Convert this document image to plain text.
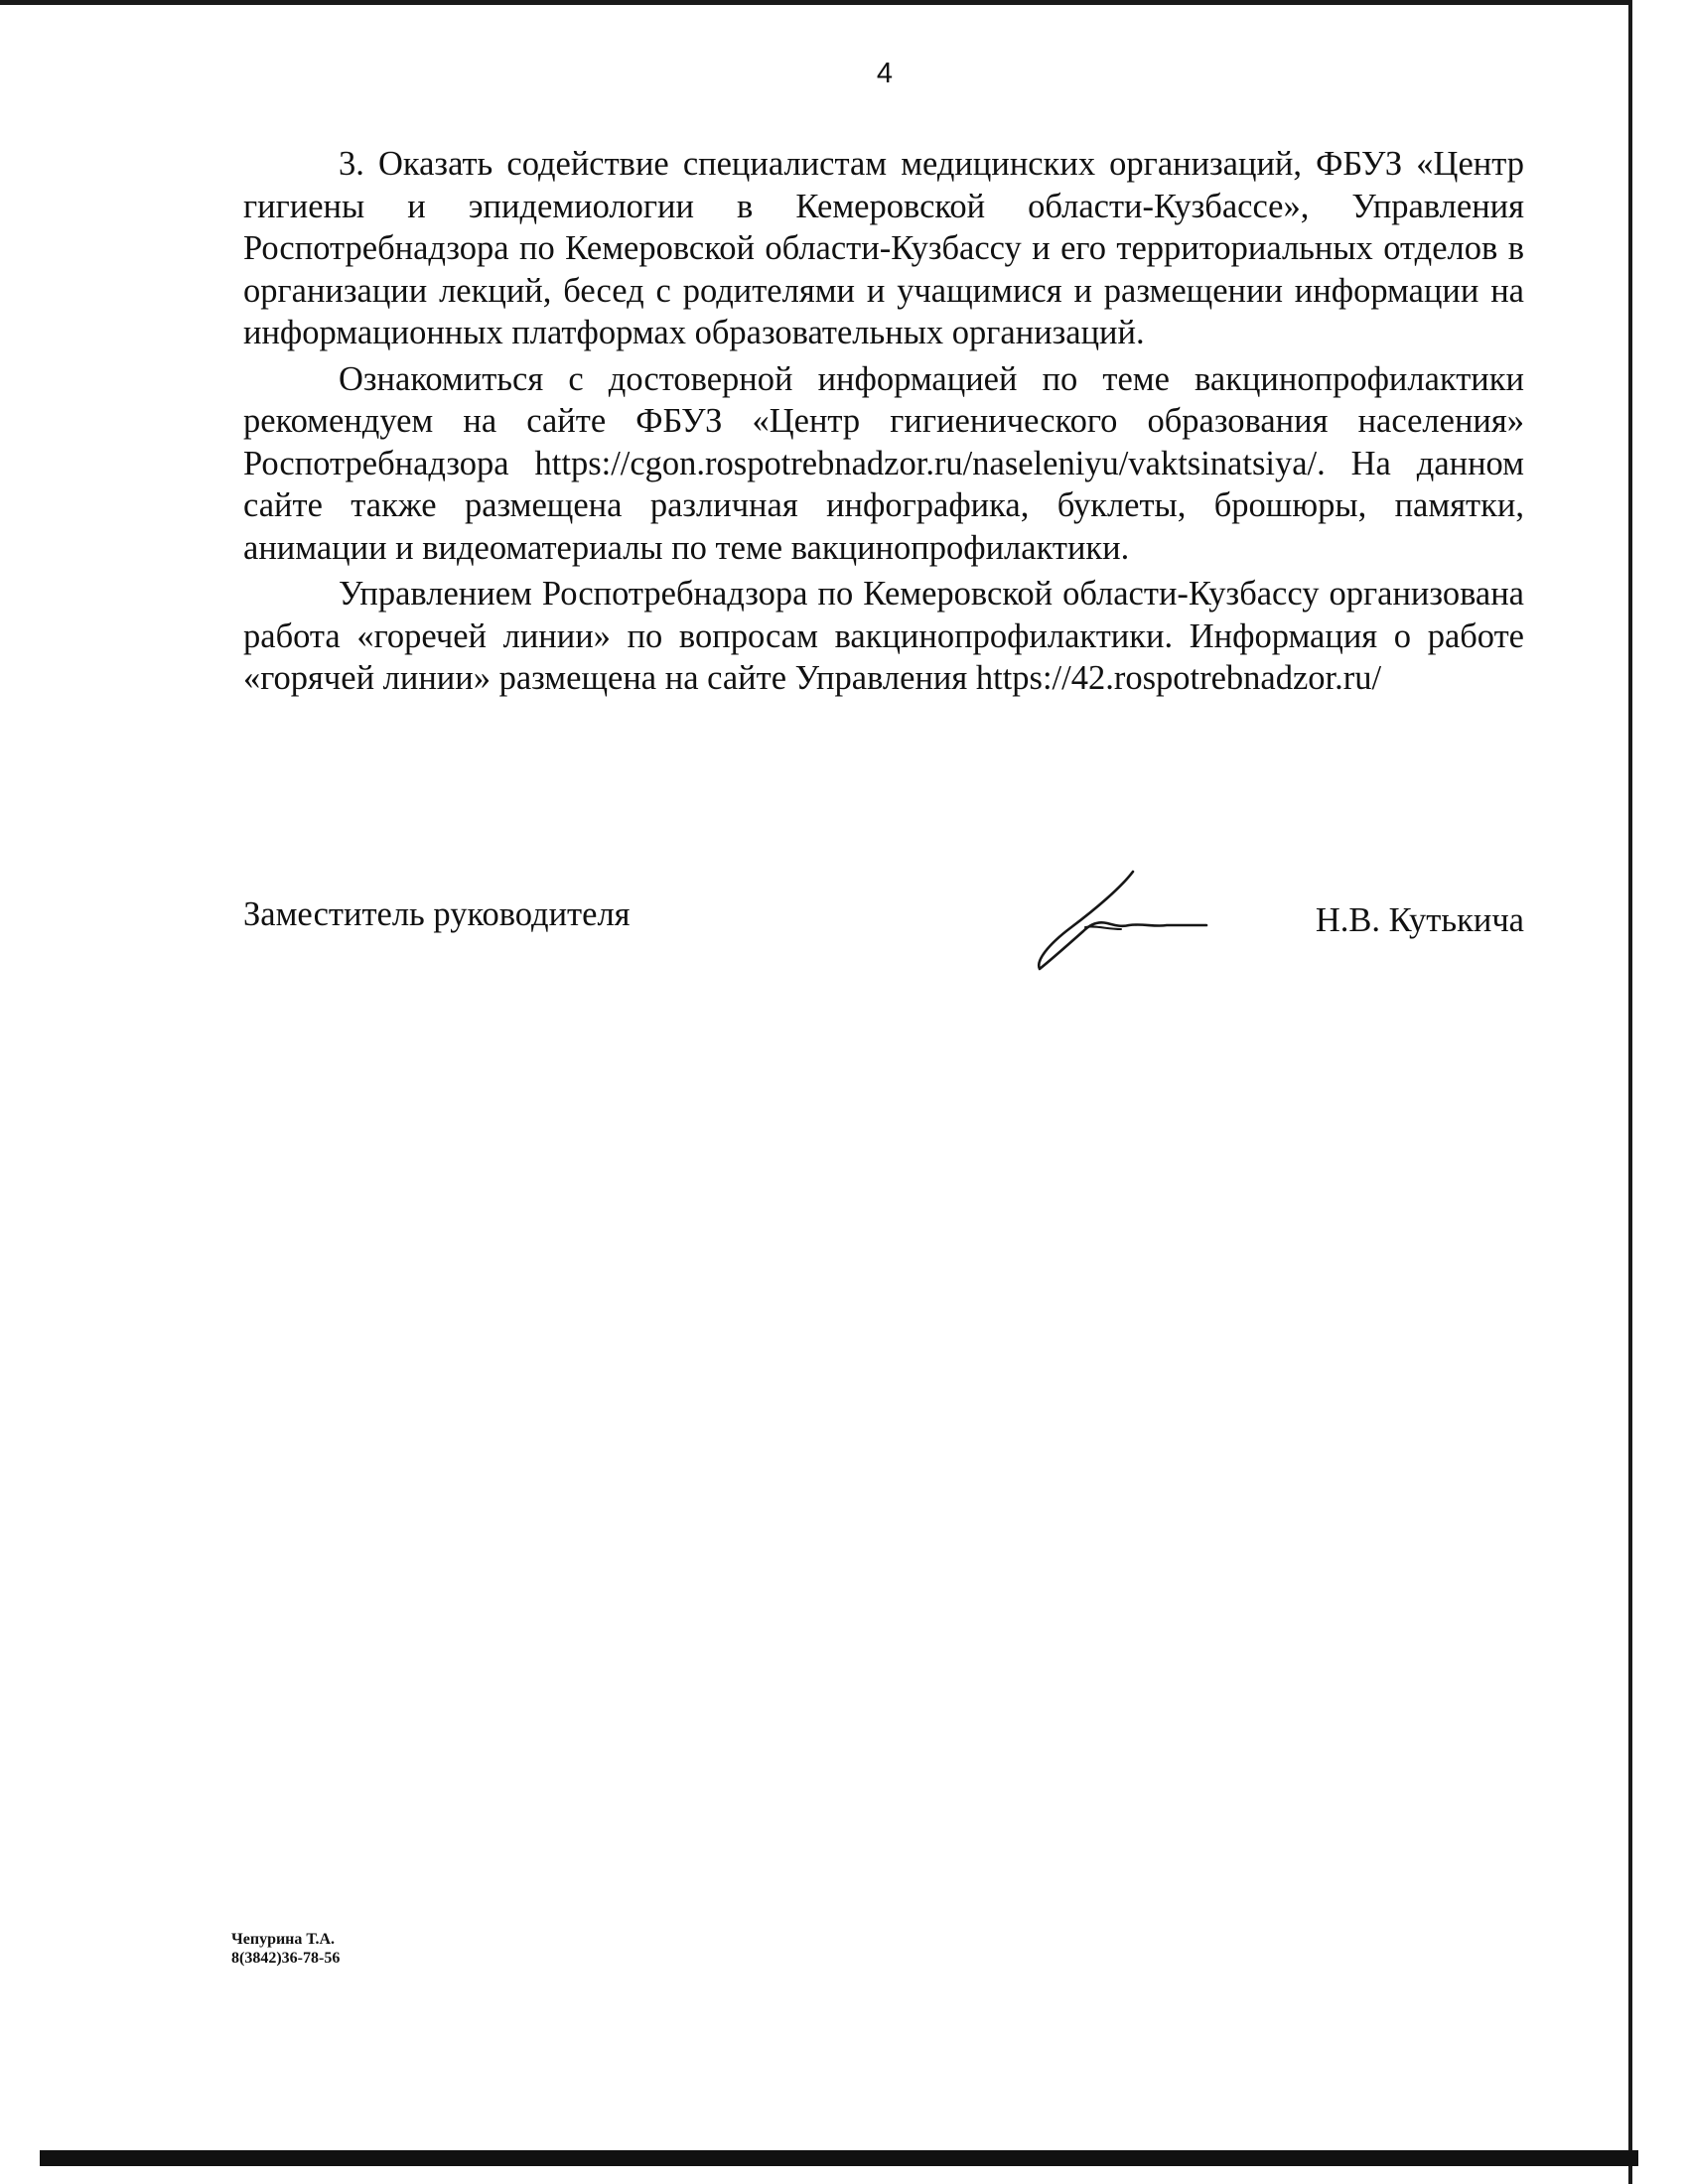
4

3. Оказать содействие специалистам медицинских организаций, ФБУЗ «Центр гигиены и эпидемиологии в Кемеровской области-Кузбассе», Управления Роспотребнадзора по Кемеровской области-Кузбассу и его территориальных отделов в организации лекций, бесед с родителями и учащимися и размещении информации на информационных платформах образовательных организаций.

Ознакомиться с достоверной информацией по теме вакцинопрофилактики рекомендуем на сайте ФБУЗ «Центр гигиенического образования населения» Роспотребнадзора https://cgon.rospotrebnadzor.ru/naseleniyu/vaktsinatsiya/. На данном сайте также размещена различная инфографика, буклеты, брошюры, памятки, анимации и видеоматериалы по теме вакцинопрофилактики.

Управлением Роспотребнадзора по Кемеровской области-Кузбассу организована работа «горечей линии» по вопросам вакцинопрофилактики. Информация о работе «горячей линии» размещена на сайте Управления https://42.rospotrebnadzor.ru/

Заместитель руководителя	Н.В. Кутькича
Чепурина Т.А.
8(3842)36-78-56
